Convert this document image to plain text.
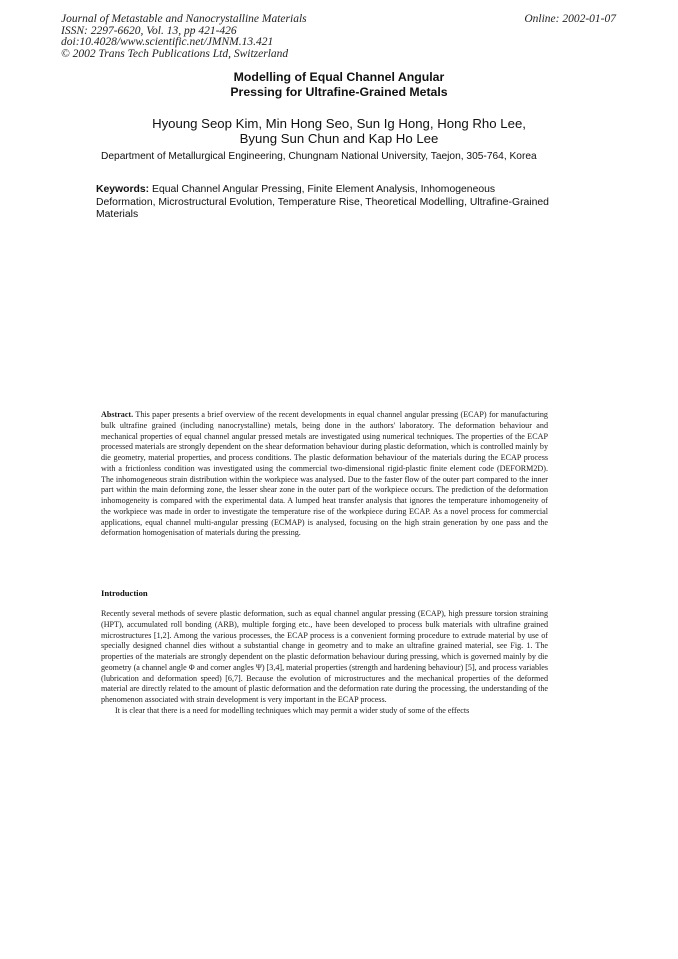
Journal of Metastable and Nanocrystalline Materials
ISSN: 2297-6620, Vol. 13, pp 421-426
doi:10.4028/www.scientific.net/JMNM.13.421
© 2002 Trans Tech Publications Ltd, Switzerland
Online: 2002-01-07
Modelling of Equal Channel Angular
Pressing for Ultrafine-Grained Metals
Hyoung Seop Kim, Min Hong Seo, Sun Ig Hong, Hong Rho Lee,
Byung Sun Chun and Kap Ho Lee
Department of Metallurgical Engineering, Chungnam National University, Taejon, 305-764, Korea
Keywords: Equal Channel Angular Pressing, Finite Element Analysis, Inhomogeneous Deformation, Microstructural Evolution, Temperature Rise, Theoretical Modelling, Ultrafine-Grained Materials
Abstract. This paper presents a brief overview of the recent developments in equal channel angular pressing (ECAP) for manufacturing bulk ultrafine grained (including nanocrystalline) metals, being done in the authors' laboratory. The deformation behaviour and mechanical properties of equal channel angular pressed metals are investigated using numerical techniques. The properties of the ECAP processed materials are strongly dependent on the shear deformation behaviour during plastic deformation, which is controlled mainly by die geometry, material properties, and process conditions. The plastic deformation behaviour of the materials during the ECAP process with a frictionless condition was investigated using the commercial two-dimensional rigid-plastic finite element code (DEFORM2D). The inhomogeneous strain distribution within the workpiece was analysed. Due to the faster flow of the outer part compared to the inner part within the main deforming zone, the lesser shear zone in the outer part of the workpiece occurs. The prediction of the deformation inhomogeneity is compared with the experimental data. A lumped heat transfer analysis that ignores the temperature inhomogeneity of the workpiece was made in order to investigate the temperature rise of the workpiece during ECAP. As a novel process for commercial applications, equal channel multi-angular pressing (ECMAP) is analysed, focusing on the high strain generation by one pass and the deformation homogenisation of materials during the pressing.
Introduction

Recently several methods of severe plastic deformation, such as equal channel angular pressing (ECAP), high pressure torsion straining (HPT), accumulated roll bonding (ARB), multiple forging etc., have been developed to process bulk materials with ultrafine grained microstructures [1,2]. Among the various processes, the ECAP process is a convenient forming procedure to extrude material by use of specially designed channel dies without a substantial change in geometry and to make an ultrafine grained material, see Fig. 1. The properties of the materials are strongly dependent on the plastic deformation behaviour during pressing, which is governed mainly by die geometry (a channel angle Φ and corner angles Ψ) [3,4], material properties (strength and hardening behaviour) [5], and process variables (lubrication and deformation speed) [6,7]. Because the evolution of microstructures and the mechanical properties of the deformed material are directly related to the amount of plastic deformation and the deformation rate during the processing, the understanding of the phenomenon associated with strain development is very important in the ECAP process.

It is clear that there is a need for modelling techniques which may permit a wider study of some of the effects
